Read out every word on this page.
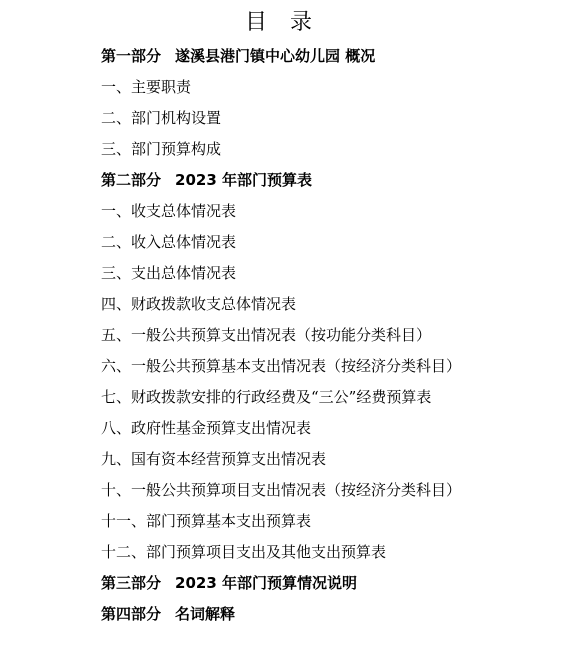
目 录
第一部分 遂溪县港门镇中心幼儿园 概况
一、主要职责
二、部门机构设置
三、部门预算构成
第二部分 2023 年部门预算表
一、收支总体情况表
二、收入总体情况表
三、支出总体情况表
四、财政拨款收支总体情况表
五、一般公共预算支出情况表（按功能分类科目）
六、一般公共预算基本支出情况表（按经济分类科目）
七、财政拨款安排的行政经费及“三公”经费预算表
八、政府性基金预算支出情况表
九、国有资本经营预算支出情况表
十、一般公共预算项目支出情况表（按经济分类科目）
十一、部门预算基本支出预算表
十二、部门预算项目支出及其他支出预算表
第三部分 2023 年部门预算情况说明
第四部分 名词解释
